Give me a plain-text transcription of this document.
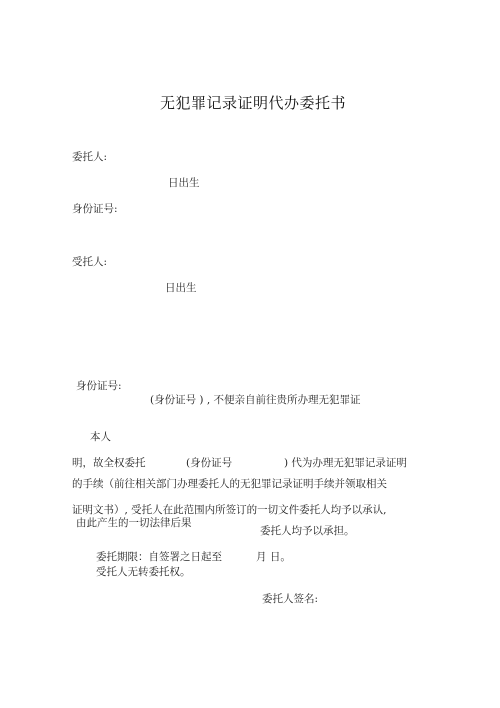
无犯罪记录证明代办委托书
委托人:
日出生
身份证号:
受托人:
日出生
身份证号:
(身份证号 ) , 不便亲自前往贵所办理无犯罪证
本人
明，故全权委托	(身份证号	) 代为办理无犯罪记录证明
的手续（前往相关部门办理委托人的无犯罪记录证明手续并领取相关
证明文书）, 受托人在此范围内所签订的一切文件委托人均予以承认,
由此产生的一切法律后果
委托人均予以承担。
委托期限：自签署之日起至	月 日。
受托人无转委托权。
委托人签名:
